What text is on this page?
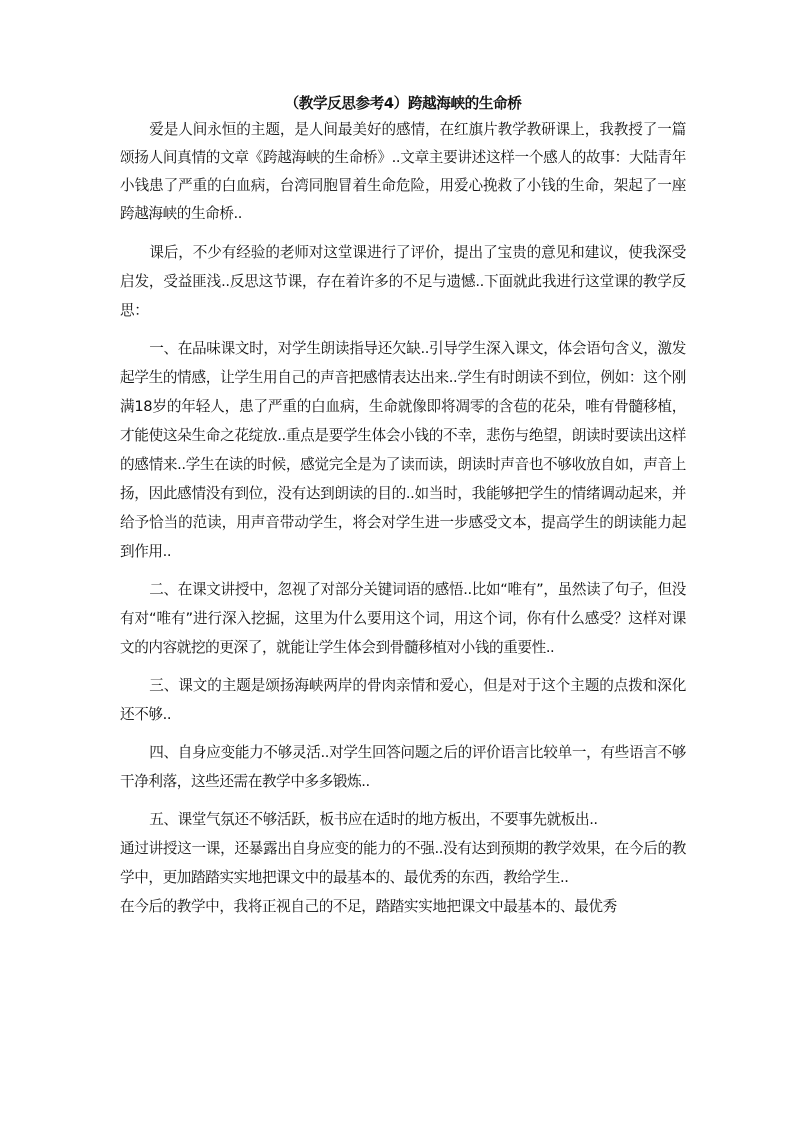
（教学反思参考4）跨越海峡的生命桥

爱是人间永恒的主题，是人间最美好的感情，在红旗片教学教研课上，我教授了一篇颂扬人间真情的文章《跨越海峡的生命桥》..文章主要讲述这样一个感人的故事：大陆青年小钱患了严重的白血病，台湾同胞冒着生命危险，用爱心挽救了小钱的生命，架起了一座跨越海峡的生命桥..

课后，不少有经验的老师对这堂课进行了评价，提出了宝贵的意见和建议，使我深受启发，受益匪浅..反思这节课，存在着许多的不足与遗憾..下面就此我进行这堂课的教学反思：

一、在品味课文时，对学生朗读指导还欠缺..引导学生深入课文，体会语句含义，激发起学生的情感，让学生用自己的声音把感情表达出来..学生有时朗读不到位，例如：这个刚满18岁的年轻人，患了严重的白血病，生命就像即将凋零的含苞的花朵，唯有骨髓移植，才能使这朵生命之花绽放..重点是要学生体会小钱的不幸，悲伤与绝望，朗读时要读出这样的感情来..学生在读的时候，感觉完全是为了读而读，朗读时声音也不够收放自如，声音上扬，因此感情没有到位，没有达到朗读的目的..如当时，我能够把学生的情绪调动起来，并给予恰当的范读，用声音带动学生，将会对学生进一步感受文本，提高学生的朗读能力起到作用..

二、在课文讲授中，忽视了对部分关键词语的感悟..比如“唯有”，虽然读了句子，但没有对“唯有”进行深入挖掘，这里为什么要用这个词，用这个词，你有什么感受？这样对课文的内容就挖的更深了，就能让学生体会到骨髓移植对小钱的重要性..

三、课文的主题是颂扬海峡两岸的骨肉亲情和爱心，但是对于这个主题的点拨和深化还不够..

四、自身应变能力不够灵活..对学生回答问题之后的评价语言比较单一，有些语言不够干净利落，这些还需在教学中多多锻炼..

五、课堂气氛还不够活跃，板书应在适时的地方板出，不要事先就板出..

通过讲授这一课，还暴露出自身应变的能力的不强..没有达到预期的教学效果，在今后的教学中，更加踏踏实实地把课文中的最基本的、最优秀的东西，教给学生..

在今后的教学中，我将正视自己的不足，踏踏实实地把课文中最基本的、最优秀
